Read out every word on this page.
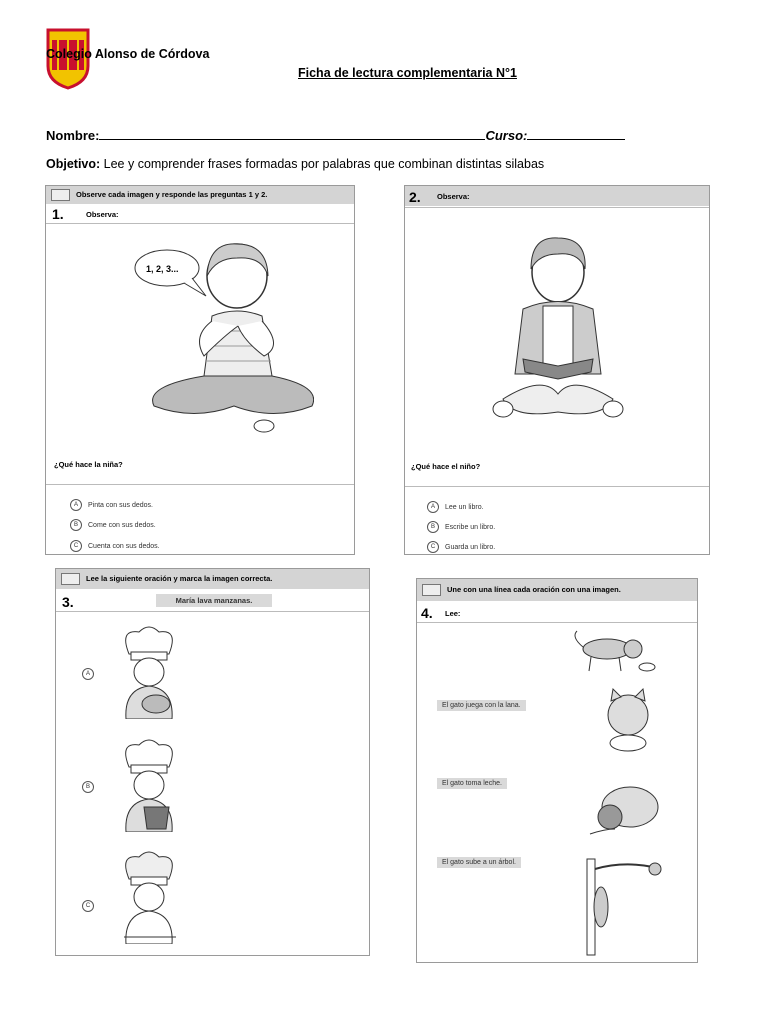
Colegio Alonso de Córdova
Ficha de lectura complementaria N°1
Nombre:	Curso:
Objetivo: Lee y comprender frases formadas por palabras que combinan distintas silabas
Observe cada imagen y responde las preguntas 1 y 2.
1.	Observa:
1, 2, 3...
¿Qué hace la niña?
A Pinta con sus dedos.
B Come con sus dedos.
C Cuenta con sus dedos.
2. Observa:
¿Qué hace el niño?
A Lee un libro.
B Escribe un libro.
C Guarda un libro.
Lee la siguiente oración y marca la imagen correcta.
3.	María lava manzanas.
A
B
C
Une con una línea cada oración con una imagen.
4. Lee:
El gato juega con la lana.
El gato toma leche.
El gato sube a un árbol.
